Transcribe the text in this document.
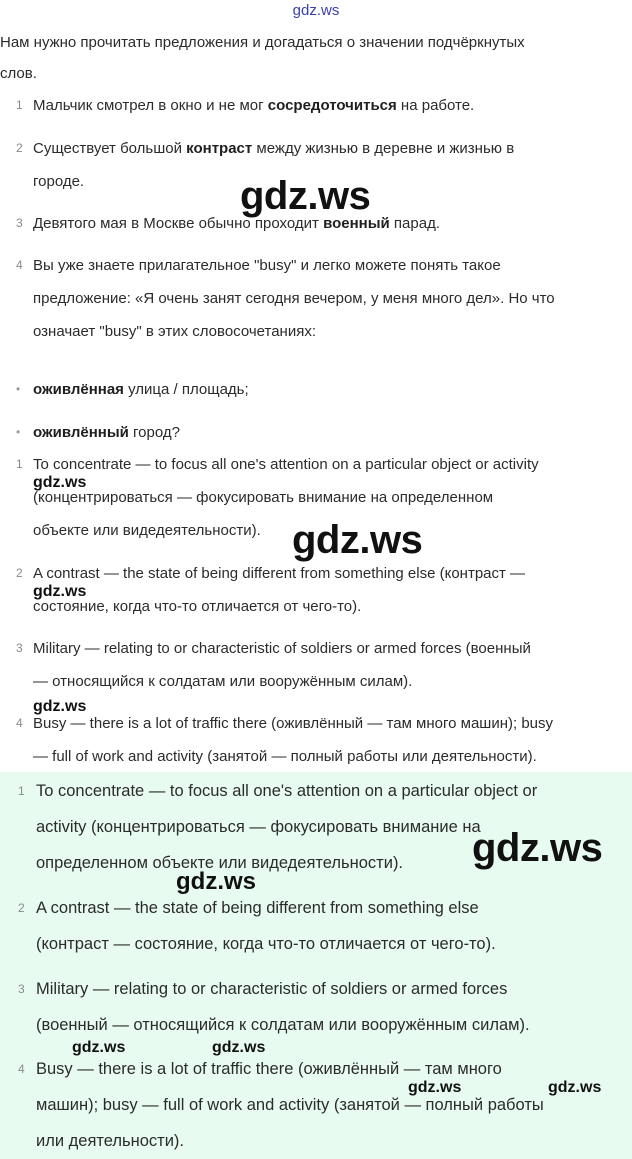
gdz.ws
Нам нужно прочитать предложения и догадаться о значении подчёркнутых
слов.
1 Мальчик смотрел в окно и не мог сосредоточиться на работе.
2 Существует большой контраст между жизнью в деревне и жизнью в
городе.	gdz.ws
3 Девятого мая в Москве обычно проходит военный парад.
4 Вы уже знаете прилагательное "busy" и легко можете понять такое
предложение: «Я очень занят сегодня вечером, у меня много дел». Но что
означает "busy" в этих словосочетаниях:
• оживлённая улица / площадь;
• оживлённый город?
1 To concentrate — to focus all one's attention on a particular object or activity
gdz.ws
(концентрироваться — фокусировать внимание на определенном
объекте или видедеятельности). gdz.ws
2 A contrast — the state of being different from something else (контраст —
gdz.ws
состояние, когда что-то отличается от чего-то).
3 Military — relating to or characteristic of soldiers or armed forces (военный
— относящийся к солдатам или вооружённым силам).
gdz.ws
4 Busy — there is a lot of traffic there (оживлённый — там много машин); busy
— full of work and activity (занятой — полный работы или деятельности).
1 To concentrate — to focus all one's attention on a particular object or
activity (концентрироваться — фокусировать внимание на
определенном объекте или видедеятельности). gdz.ws
gdz.ws
2 A contrast — the state of being different from something else
(контраст — состояние, когда что-то отличается от чего-то).
3 Military — relating to or characteristic of soldiers or armed forces
(военный — относящийся к солдатам или вооружённым силам).
gdz.ws	gdz.ws
4 Busy — there is a lot of traffic there (оживлённый — там много
gdz.ws	gdz.ws
машин); busy — full of work and activity (занятой — полный работы
или деятельности).
